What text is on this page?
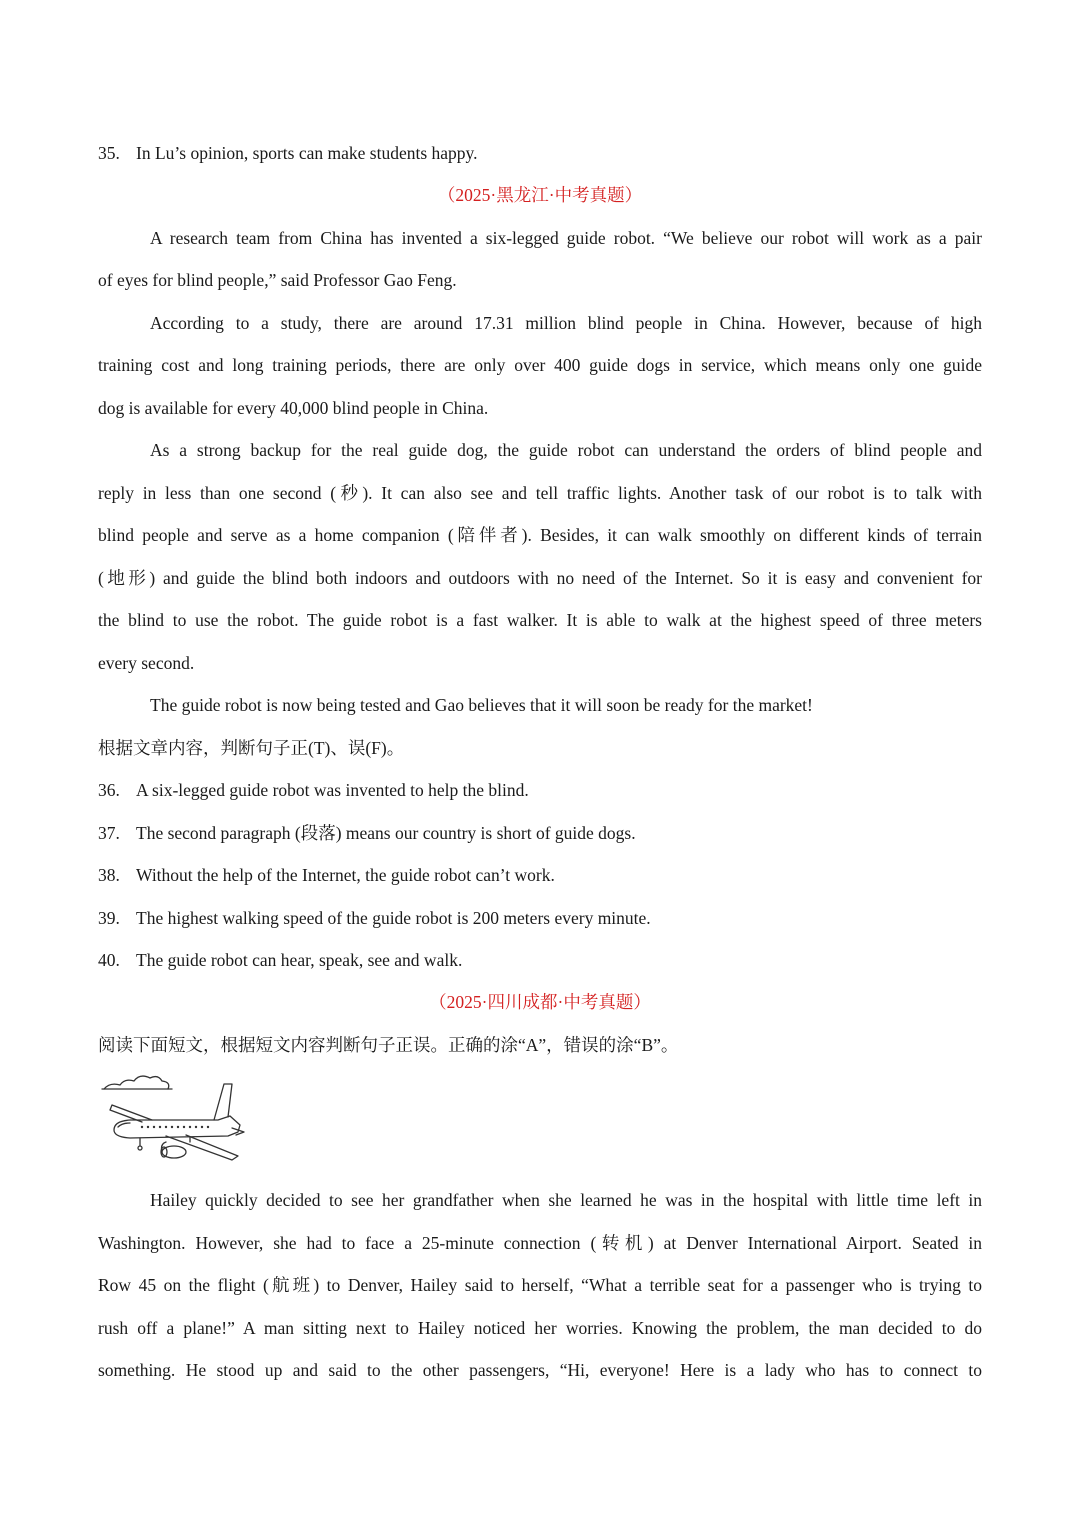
35. In Lu’s opinion, sports can make students happy.
（2025·黑龙江·中考真题）
A research team from China has invented a six-legged guide robot. “We believe our robot will work as a pair
of eyes for blind people,” said Professor Gao Feng.
According to a study, there are around 17.31 million blind people in China. However, because of high
training cost and long training periods, there are only over 400 guide dogs in service, which means only one guide
dog is available for every 40,000 blind people in China.
As a strong backup for the real guide dog, the guide robot can understand the orders of blind people and
reply in less than one second (秒). It can also see and tell traffic lights. Another task of our robot is to talk with
blind people and serve as a home companion (陪伴者). Besides, it can walk smoothly on different kinds of terrain
(地形) and guide the blind both indoors and outdoors with no need of the Internet. So it is easy and convenient for
the blind to use the robot. The guide robot is a fast walker. It is able to walk at the highest speed of three meters
every second.
The guide robot is now being tested and Gao believes that it will soon be ready for the market!
根据文章内容，判断句子正(T)、误(F)。
36. A six-legged guide robot was invented to help the blind.
37. The second paragraph (段落) means our country is short of guide dogs.
38. Without the help of the Internet, the guide robot can’t work.
39. The highest walking speed of the guide robot is 200 meters every minute.
40. The guide robot can hear, speak, see and walk.
（2025·四川成都·中考真题）
阅读下面短文，根据短文内容判断句子正误。正确的涂“A”，错误的涂“B”。
Hailey quickly decided to see her grandfather when she learned he was in the hospital with little time left in
Washington. However, she had to face a 25-minute connection (转机) at Denver International Airport. Seated in
Row 45 on the flight (航班) to Denver, Hailey said to herself, “What a terrible seat for a passenger who is trying to
rush off a plane!” A man sitting next to Hailey noticed her worries. Knowing the problem, the man decided to do
something. He stood up and said to the other passengers, “Hi, everyone! Here is a lady who has to connect to
